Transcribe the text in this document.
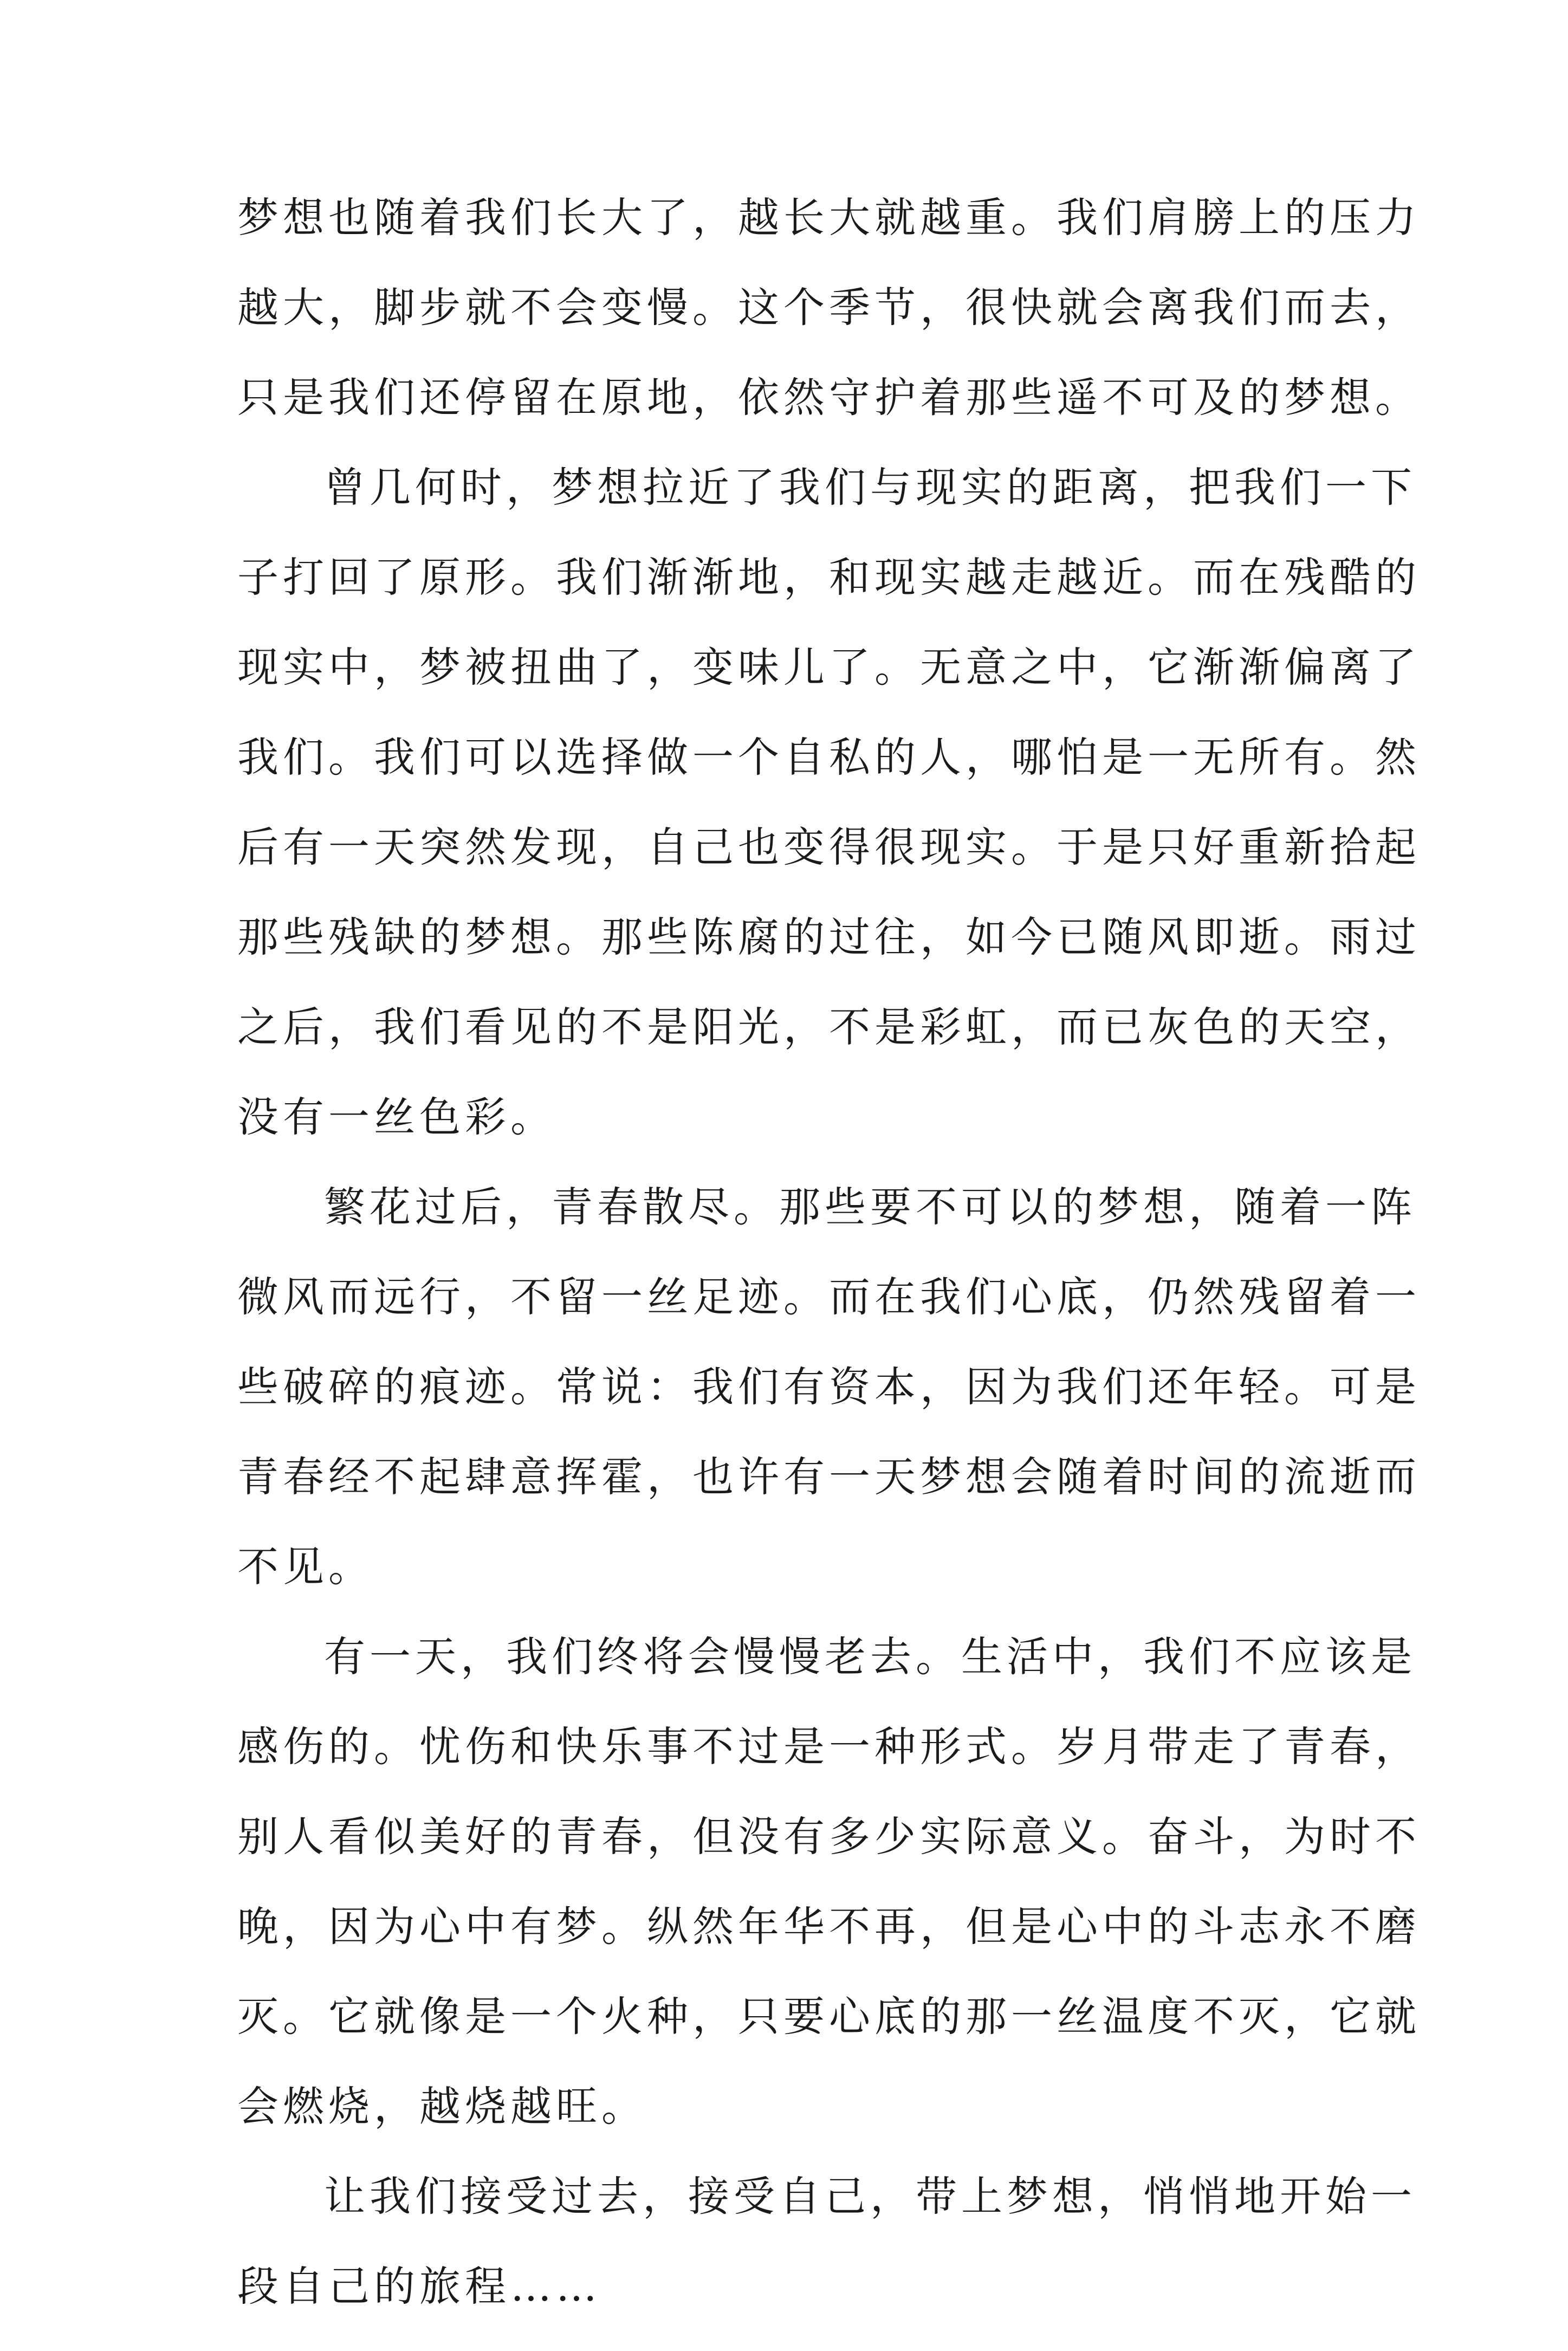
梦想也随着我们长大了，越长大就越重。我们肩膀上的压力
越大，脚步就不会变慢。这个季节，很快就会离我们而去，
只是我们还停留在原地，依然守护着那些遥不可及的梦想。
曾几何时，梦想拉近了我们与现实的距离，把我们一下
子打回了原形。我们渐渐地，和现实越走越近。而在残酷的
现实中，梦被扭曲了，变味儿了。无意之中，它渐渐偏离了
我们。我们可以选择做一个自私的人，哪怕是一无所有。然
后有一天突然发现，自己也变得很现实。于是只好重新拾起
那些残缺的梦想。那些陈腐的过往，如今已随风即逝。雨过
之后，我们看见的不是阳光，不是彩虹，而已灰色的天空，
没有一丝色彩。
繁花过后，青春散尽。那些要不可以的梦想，随着一阵
微风而远行，不留一丝足迹。而在我们心底，仍然残留着一
些破碎的痕迹。常说：我们有资本，因为我们还年轻。可是
青春经不起肆意挥霍，也许有一天梦想会随着时间的流逝而
不见。
有一天，我们终将会慢慢老去。生活中，我们不应该是
感伤的。忧伤和快乐事不过是一种形式。岁月带走了青春，
别人看似美好的青春，但没有多少实际意义。奋斗，为时不
晚，因为心中有梦。纵然年华不再，但是心中的斗志永不磨
灭。它就像是一个火种，只要心底的那一丝温度不灭，它就
会燃烧，越烧越旺。
让我们接受过去，接受自己，带上梦想，悄悄地开始一
段自己的旅程……
